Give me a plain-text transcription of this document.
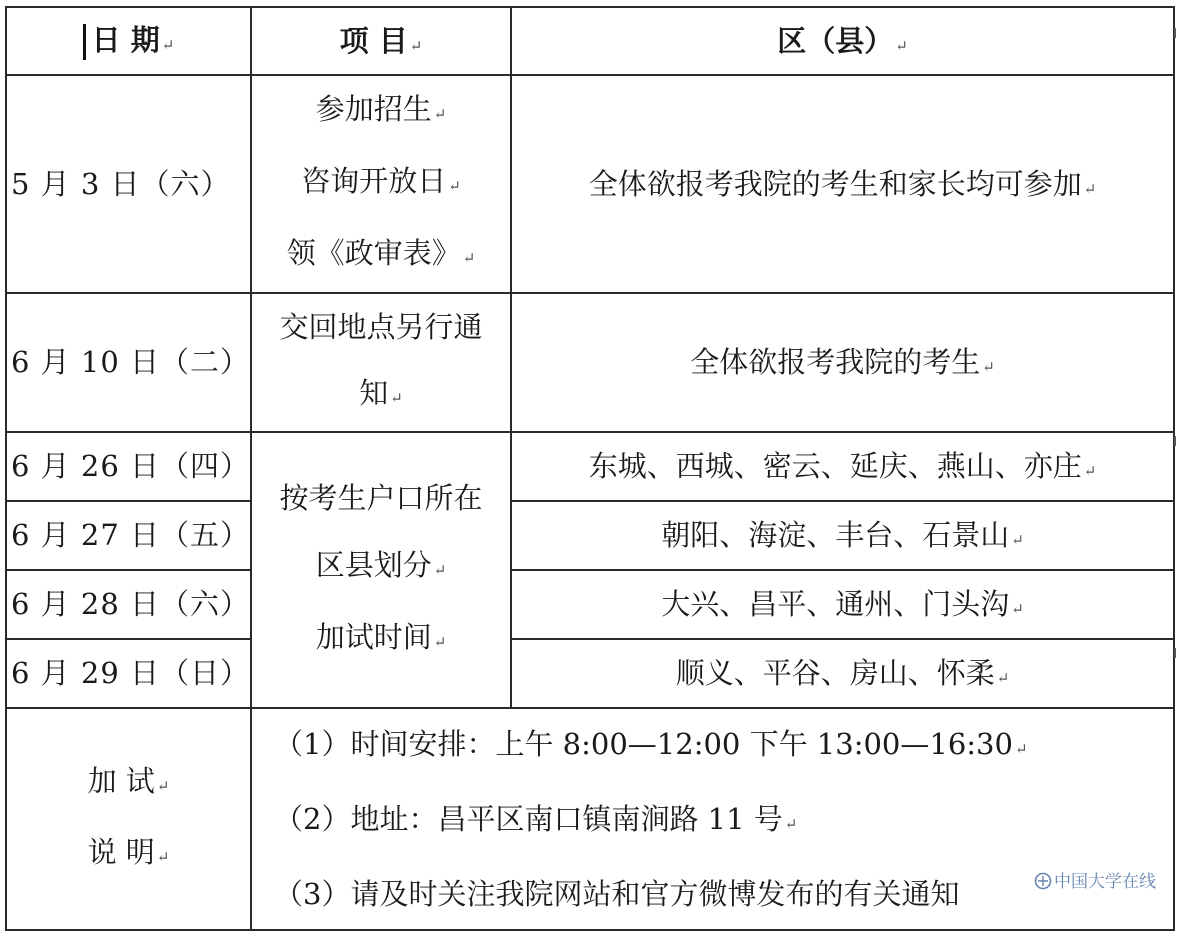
日 期 ↵	项 目 ↵	区（县） ↵
5 月 3 日（六）	参加招生 ↵
咨询开放日 ↵
领《政审表》 ↵	全体欲报考我院的考生和家长均可参加 ↵
6 月 10 日（二）	交回地点另行通
知 ↵	全体欲报考我院的考生 ↵
6 月 26 日（四）	按考生户口所在
区县划分 ↵
加试时间 ↵	东城、西城、密云、延庆、燕山、亦庄 ↵
6 月 27 日（五）		朝阳、海淀、丰台、石景山 ↵
6 月 28 日（六）		大兴、昌平、通州、门头沟 ↵
6 月 29 日（日）		顺义、平谷、房山、怀柔 ↵

加 试 ↵
说 明 ↵	（1）时间安排：上午 8:00—12:00 下午 13:00—16:30 ↵
（2）地址：昌平区南口镇南涧路 11 号 ↵
（3）请及时关注我院网站和官方微博发布的有关通知		中国大学在线
